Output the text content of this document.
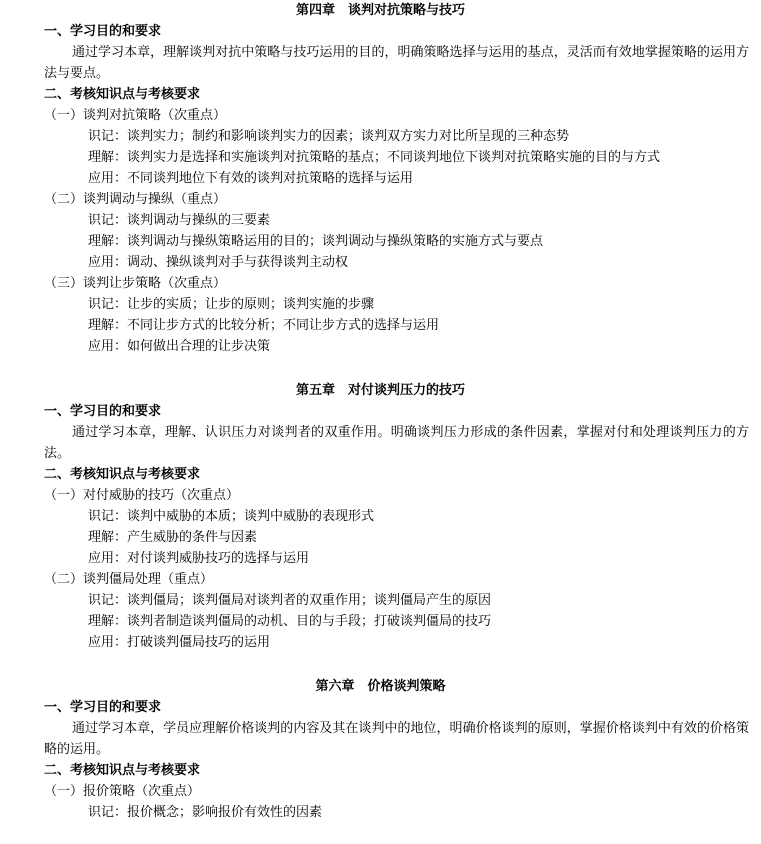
第四章　谈判对抗策略与技巧
一、学习目的和要求
通过学习本章，理解谈判对抗中策略与技巧运用的目的，明确策略选择与运用的基点，灵活而有效地掌握策略的运用方法与要点。
二、考核知识点与考核要求
（一）谈判对抗策略（次重点）
识记：谈判实力；制约和影响谈判实力的因素；谈判双方实力对比所呈现的三种态势
理解：谈判实力是选择和实施谈判对抗策略的基点；不同谈判地位下谈判对抗策略实施的目的与方式
应用：不同谈判地位下有效的谈判对抗策略的选择与运用
（二）谈判调动与操纵（重点）
识记：谈判调动与操纵的三要素
理解：谈判调动与操纵策略运用的目的；谈判调动与操纵策略的实施方式与要点
应用：调动、操纵谈判对手与获得谈判主动权
（三）谈判让步策略（次重点）
识记：让步的实质；让步的原则；谈判实施的步骤
理解：不同让步方式的比较分析；不同让步方式的选择与运用
应用：如何做出合理的让步决策
第五章　对付谈判压力的技巧
一、学习目的和要求
通过学习本章，理解、认识压力对谈判者的双重作用。明确谈判压力形成的条件因素，掌握对付和处理谈判压力的方法。
二、考核知识点与考核要求
（一）对付威胁的技巧（次重点）
识记：谈判中威胁的本质；谈判中威胁的表现形式
理解：产生威胁的条件与因素
应用：对付谈判威胁技巧的选择与运用
（二）谈判僵局处理（重点）
识记：谈判僵局；谈判僵局对谈判者的双重作用；谈判僵局产生的原因
理解：谈判者制造谈判僵局的动机、目的与手段；打破谈判僵局的技巧
应用：打破谈判僵局技巧的运用
第六章　价格谈判策略
一、学习目的和要求
通过学习本章，学员应理解价格谈判的内容及其在谈判中的地位，明确价格谈判的原则，掌握价格谈判中有效的价格策略的运用。
二、考核知识点与考核要求
（一）报价策略（次重点）
识记：报价概念；影响报价有效性的因素
